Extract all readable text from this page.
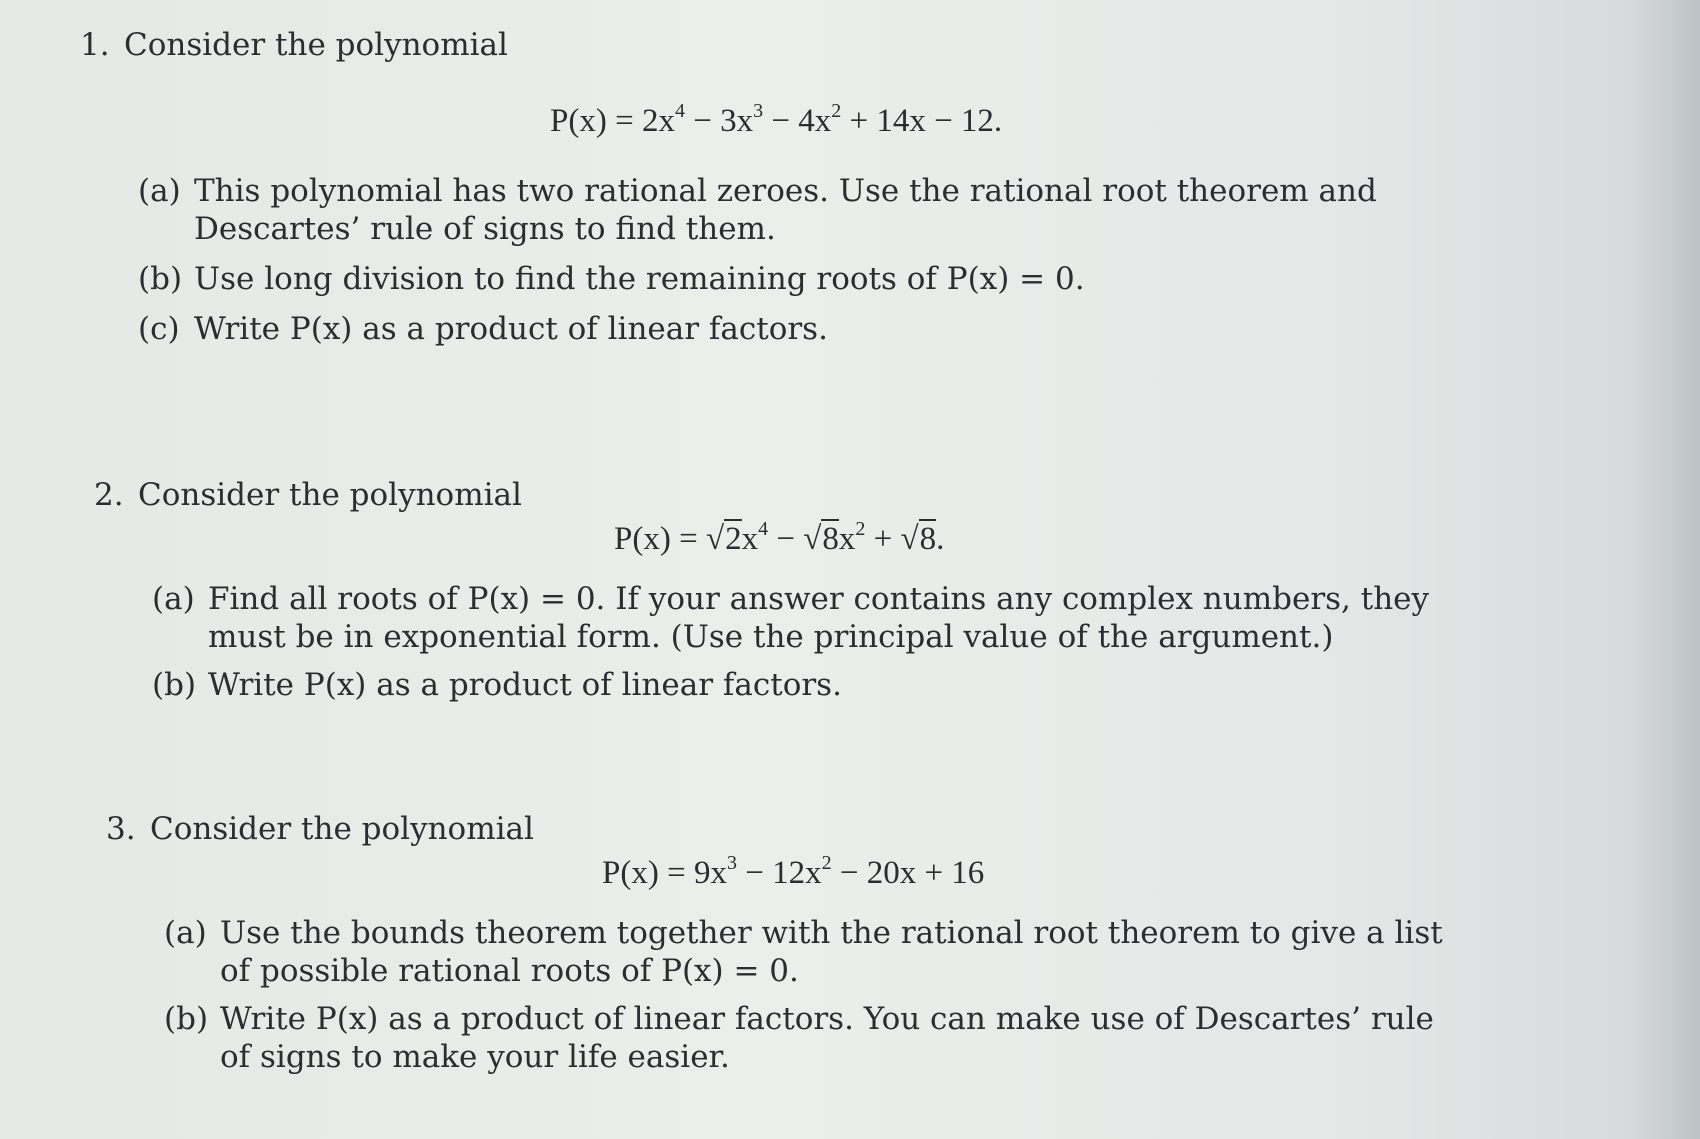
1. Consider the polynomial
$P(x) = 2x^4 - 3x^3 - 4x^2 + 14x - 12$.
(a) This polynomial has two rational zeroes. Use the rational root theorem and Descartes’ rule of signs to find them.
(b) Use long division to find the remaining roots of P(x) = 0.
(c) Write P(x) as a product of linear factors.
2. Consider the polynomial
$P(x) = √2x^4 - √8x^2 + √8$.
(a) Find all roots of P(x) = 0. If your answer contains any complex numbers, they must be in exponential form. (Use the principal value of the argument.)
(b) Write P(x) as a product of linear factors.
3. Consider the polynomial
$P(x) = 9x^3 - 12x^2 - 20x + 16$
(a) Use the bounds theorem together with the rational root theorem to give a list of possible rational roots of P(x) = 0.
(b) Write P(x) as a product of linear factors. You can make use of Descartes’ rule of signs to make your life easier.
